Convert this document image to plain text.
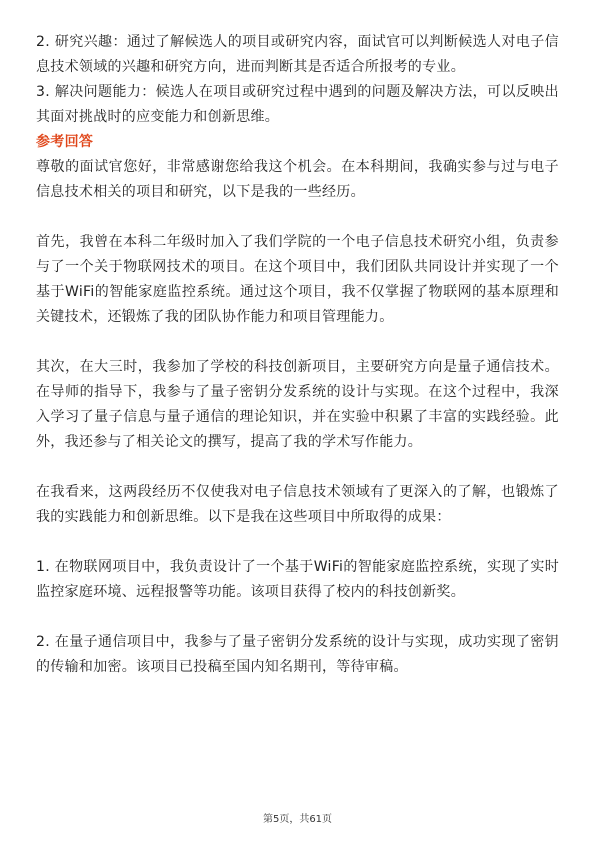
2. 研究兴趣：通过了解候选人的项目或研究内容，面试官可以判断候选人对电子信息技术领域的兴趣和研究方向，进而判断其是否适合所报考的专业。

3. 解决问题能力：候选人在项目或研究过程中遇到的问题及解决方法，可以反映出其面对挑战时的应变能力和创新思维。

参考回答

尊敬的面试官您好，非常感谢您给我这个机会。在本科期间，我确实参与过与电子信息技术相关的项目和研究，以下是我的一些经历。

首先，我曾在本科二年级时加入了我们学院的一个电子信息技术研究小组，负责参与了一个关于物联网技术的项目。在这个项目中，我们团队共同设计并实现了一个基于WiFi的智能家庭监控系统。通过这个项目，我不仅掌握了物联网的基本原理和关键技术，还锻炼了我的团队协作能力和项目管理能力。

其次，在大三时，我参加了学校的科技创新项目，主要研究方向是量子通信技术。在导师的指导下，我参与了量子密钥分发系统的设计与实现。在这个过程中，我深入学习了量子信息与量子通信的理论知识，并在实验中积累了丰富的实践经验。此外，我还参与了相关论文的撰写，提高了我的学术写作能力。

在我看来，这两段经历不仅使我对电子信息技术领域有了更深入的了解，也锻炼了我的实践能力和创新思维。以下是我在这些项目中所取得的成果：

1. 在物联网项目中，我负责设计了一个基于WiFi的智能家庭监控系统，实现了实时监控家庭环境、远程报警等功能。该项目获得了校内的科技创新奖。

2. 在量子通信项目中，我参与了量子密钥分发系统的设计与实现，成功实现了密钥的传输和加密。该项目已投稿至国内知名期刊，等待审稿。

第5页，共61页
